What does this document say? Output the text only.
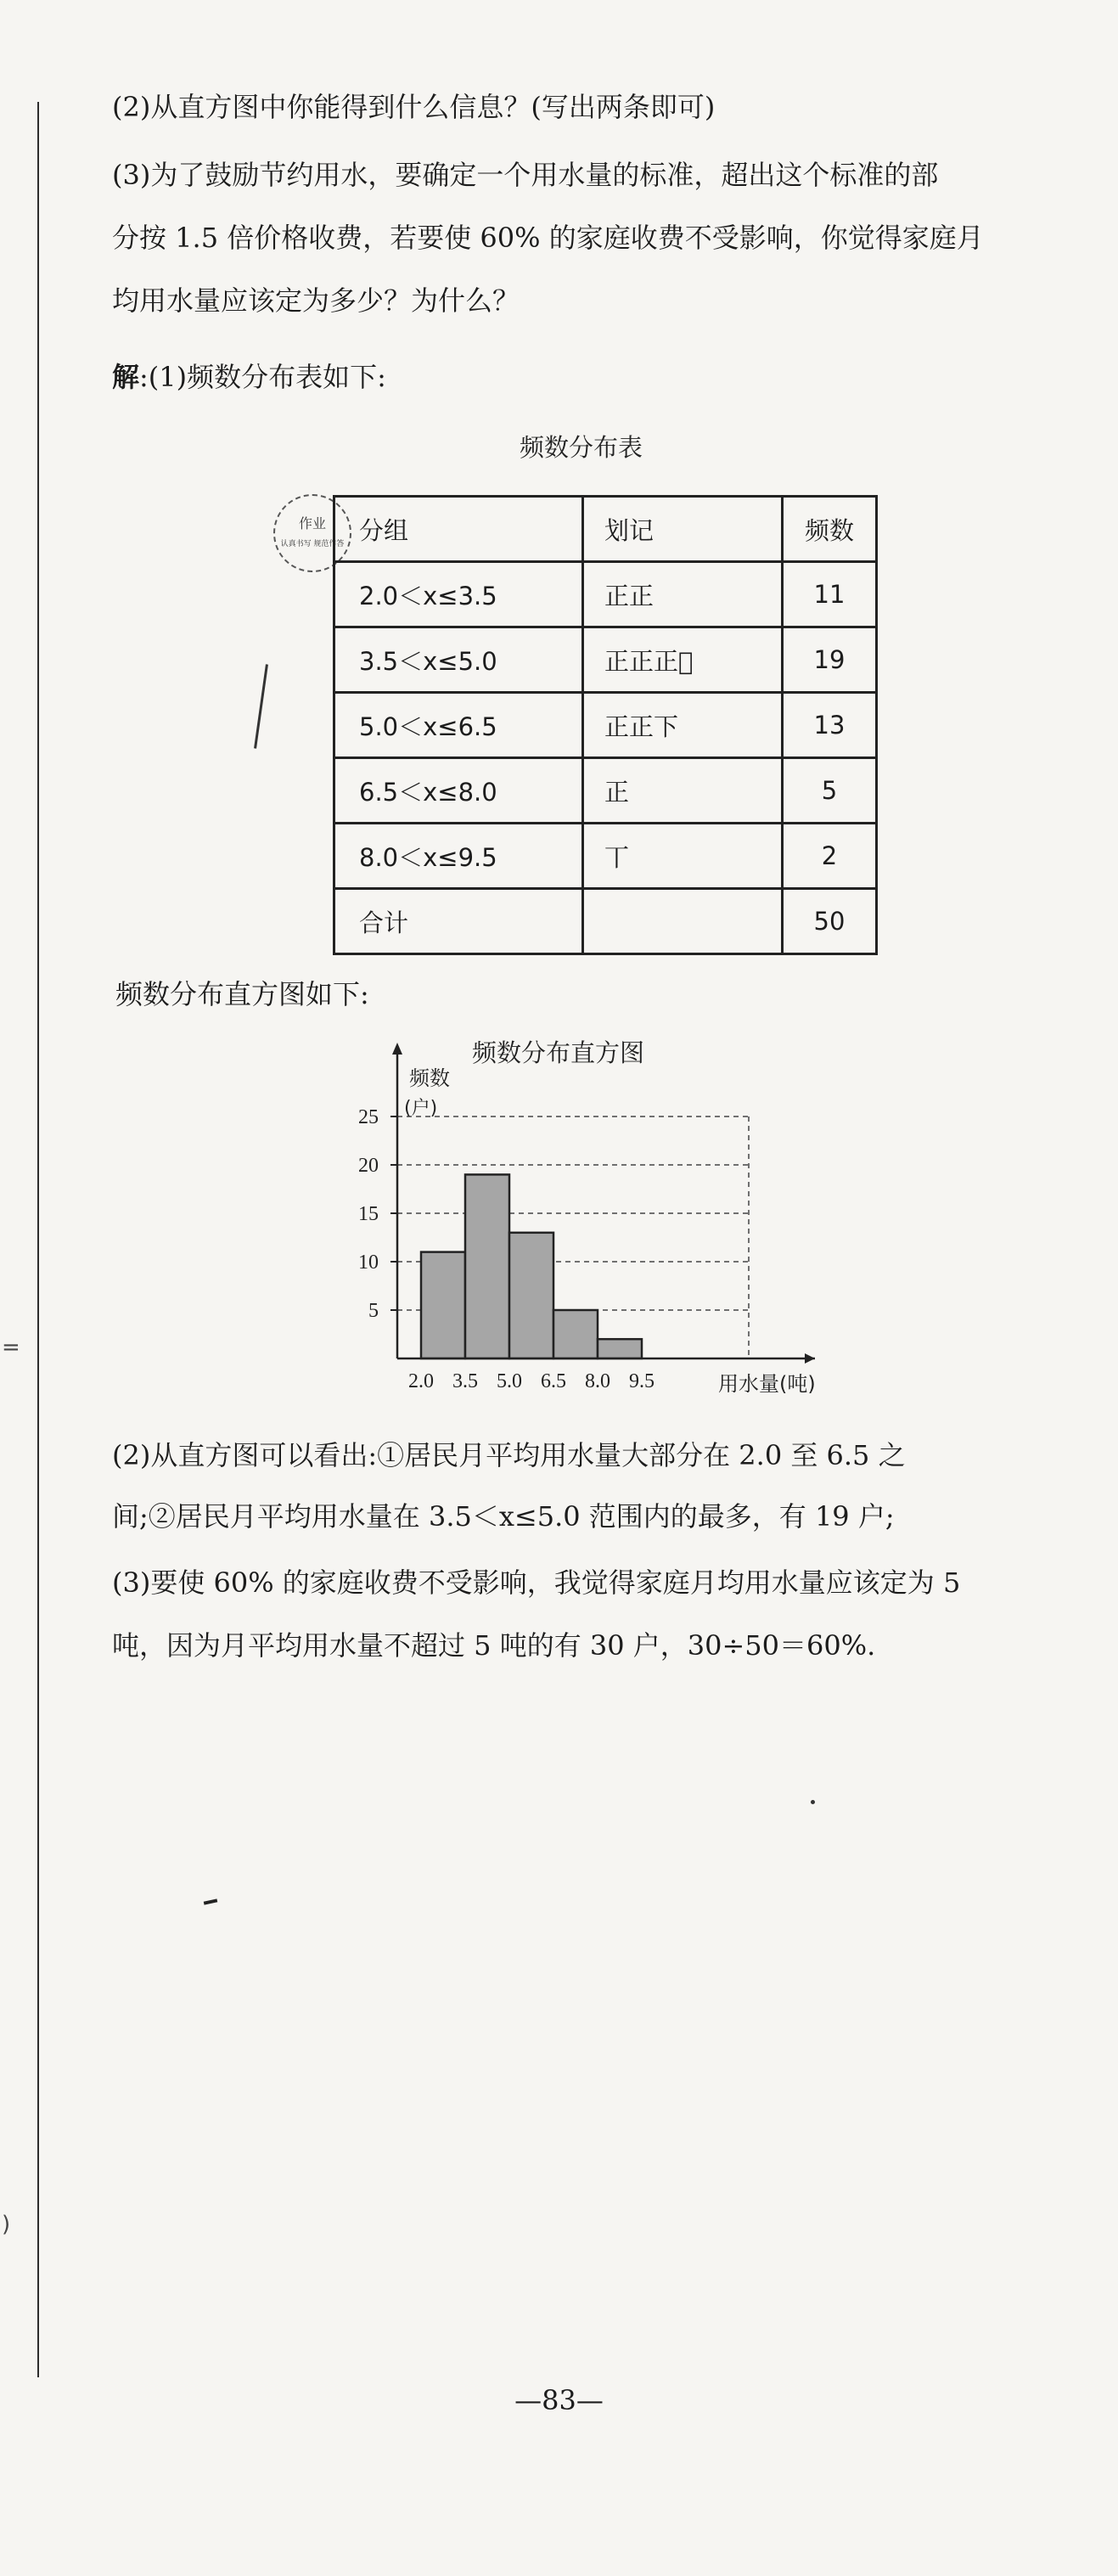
=
)
(2)从直方图中你能得到什么信息？(写出两条即可)
(3)为了鼓励节约用水，要确定一个用水量的标准，超出这个标准的部
分按 1.5 倍价格收费，若要使 60% 的家庭收费不受影响，你觉得家庭月
均用水量应该定为多少？为什么？
解:(1)频数分布表如下:
频数分布表
作业
认真书写 规范作答 分组	划记	频数
2.0＜x≤3.5	正正	11
3.5＜x≤5.0	正正正𠀆	19
5.0＜x≤6.5	正正下	13
6.5＜x≤8.0	正	5
8.0＜x≤9.5	丅	2
合计		50
频数分布直方图如下:
频数分布直方图
5
10
15
20
25
2.0 3.5 5.0 6.5 8.0 9.5
频数
(户)
用水量(吨)
(2)从直方图可以看出:①居民月平均用水量大部分在 2.0 至 6.5 之
间;②居民月平均用水量在 3.5＜x≤5.0 范围内的最多，有 19 户;
(3)要使 60% 的家庭收费不受影响，我觉得家庭月均用水量应该定为 5
吨，因为月平均用水量不超过 5 吨的有 30 户，30÷50＝60%.
—83—
